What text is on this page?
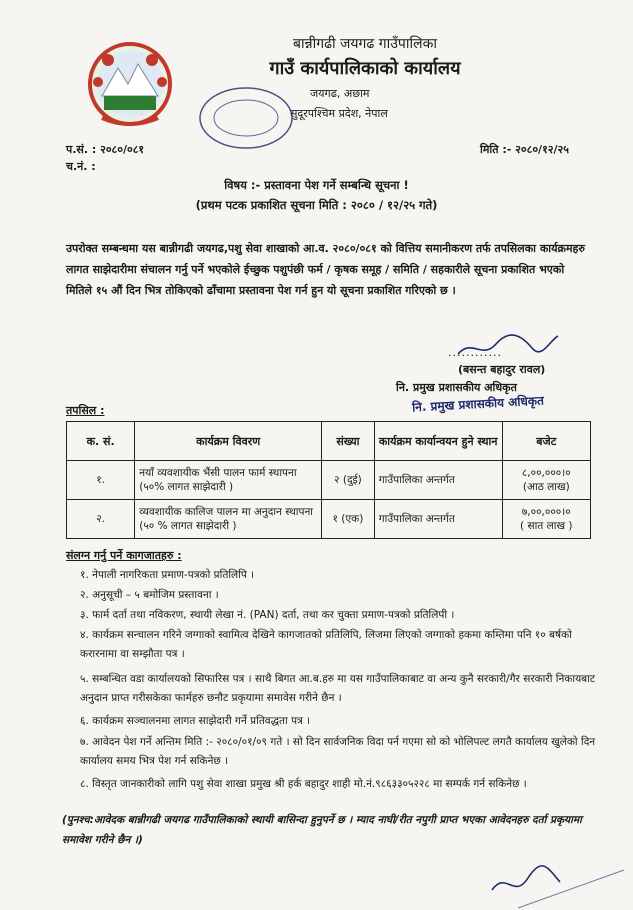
बान्नीगढी जयगढ गाउँपालिका
गाउँ कार्यपालिकाको कार्यालय
जयगढ, अछाम
सुदूरपश्चिम प्रदेश, नेपाल
प.सं. : २०८०/०८१
च.नं. :
मिति :- २०८०/१२/२५
विषय :- प्रस्तावना पेश गर्ने सम्बन्धि सूचना !
(प्रथम पटक प्रकाशित सूचना मिति : २०८० / १२/२५ गते)
उपरोक्त सम्बन्धमा यस बान्नीगढी जयगढ,पशु सेवा शाखाको आ.व. २०८०/०८१ को वित्तिय समानीकरण तर्फ तपसिलका कार्यक्रमहरु लागत साझेदारीमा संचालन गर्नु पर्ने भएकोले ईच्छुक पशुपंछी फर्म / कृषक समूह / समिति / सहकारीले सूचना प्रकाशित भएको मितिले १५ औं दिन भित्र तोकिएको ढाँचामा प्रस्तावना पेश गर्न हुन यो सूचना प्रकाशित गरिएको छ ।
............
(बसन्त बहादुर रावल)
नि. प्रमुख प्रशासकीय अधिकृत
नि. प्रमुख प्रशासकीय अधिकृत
तपसिल :
क. सं.	कार्यक्रम विवरण	संख्या	कार्यक्रम कार्यान्वयन हुने स्थान	बजेट
१.	नयाँ व्यवशायीक भैंसी पालन फार्म स्थापना (५०% लागत साझेदारी )	२ (दुई)	गाउँपालिका अन्तर्गत	८,००,०००।०
(आठ लाख)

२.	व्यवशायीक कालिज पालन मा अनुदान स्थापना (५० % लागत साझेदारी )	१ (एक)	गाउँपालिका अन्तर्गत	७,००,०००।०
( सात लाख )
संलग्न गर्नु पर्ने कागजातहरु :
१. नेपाली नागरिकता प्रमाण-पत्रको प्रतिलिपि ।
२. अनुसूची – ५ बमोजिम प्रस्तावना ।
३. फार्म दर्ता तथा नविकरण, स्थायी लेखा नं. (PAN) दर्ता, तथा कर चुक्ता प्रमाण-पत्रको प्रतिलिपी ।
४. कार्यक्रम सन्चालन गरिने जग्गाको स्वामित्व देखिने कागजातको प्रतिलिपि, लिजमा लिएको जग्गाको हकमा कम्तिमा पनि १० बर्षको करारनामा वा सम्झौता पत्र ।
५. सम्बन्धित वडा कार्यालयको सिफारिस पत्र । साथै बिगत आ.ब.हरु मा यस गाउँपालिकाबाट वा अन्य कुनै सरकारी/गैर सरकारी निकायबाट अनुदान प्राप्त गरीसकेका फार्महरु छनौट प्रकृयामा समावेस गरीने छैन ।
६. कार्यक्रम सञ्चालनमा लागत साझेदारी गर्ने प्रतिवद्धता पत्र ।
७. आवेदन पेश गर्ने अन्तिम मिति :- २०८०/०१/०९ गते । सो दिन सार्वजनिक विदा पर्न गएमा सो को भोलिपल्ट लगतै कार्यालय खुलेको दिन कार्यालय समय भित्र पेश गर्न सकिनेछ ।
८. विस्तृत जानकारीको लागि पशु सेवा शाखा प्रमुख श्री हर्क बहादुर शाही मो.नं.९८६३३०५२२८ मा सम्पर्क गर्न सकिनेछ ।
(पुनश्च:आवेदक बान्नीगढी जयगढ गाउँपालिकाको स्थायी बासिन्दा हुनुपर्ने छ । म्याद नाघी/रीत नपुगी प्राप्त भएका आवेदनहरु दर्ता प्रकृयामा समावेश गरीने छैन ।)
